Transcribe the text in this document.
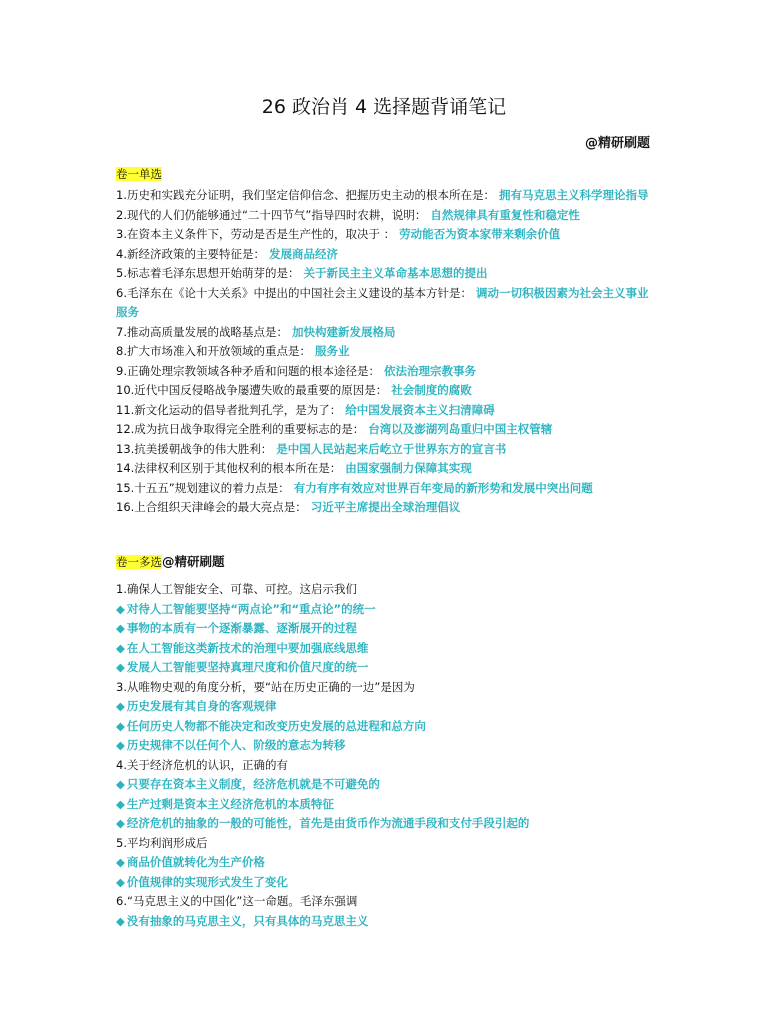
26 政治肖 4 选择题背诵笔记
@精研刷题
卷一单选
1.历史和实践充分证明，我们坚定信仰信念、把握历史主动的根本所在是： 拥有马克思主义科学理论指导
2.现代的人们仍能够通过“二十四节气”指导四时农耕，说明： 自然规律具有重复性和稳定性
3.在资本主义条件下，劳动是否是生产性的，取决于 ： 劳动能否为资本家带来剩余价值
4.新经济政策的主要特征是： 发展商品经济
5.标志着毛泽东思想开始萌芽的是： 关于新民主主义革命基本思想的提出
6.毛泽东在《论十大关系》中提出的中国社会主义建设的基本方针是： 调动一切积极因素为社会主义事业服务
7.推动高质量发展的战略基点是： 加快构建新发展格局
8.扩大市场准入和开放领域的重点是： 服务业
9.正确处理宗教领域各种矛盾和问题的根本途径是： 依法治理宗教事务
10.近代中国反侵略战争屡遭失败的最重要的原因是： 社会制度的腐败
11.新文化运动的倡导者批判孔学，是为了： 给中国发展资本主义扫清障碍
12.成为抗日战争取得完全胜利的重要标志的是： 台湾以及澎湖列岛重归中国主权管辖
13.抗美援朝战争的伟大胜利： 是中国人民站起来后屹立于世界东方的宣言书
14.法律权利区别于其他权利的根本所在是： 由国家强制力保障其实现
15.十五五”规划建议的着力点是： 有力有序有效应对世界百年变局的新形势和发展中突出问题
16.上合组织天津峰会的最大亮点是： 习近平主席提出全球治理倡议
卷一多选@精研刷题
1.确保人工智能安全、可靠、可控。这启示我们
◆ 对待人工智能要坚持“两点论”和“重点论”的统一
◆ 事物的本质有一个逐渐暴露、逐渐展开的过程
◆ 在人工智能这类新技术的治理中要加强底线思维
◆ 发展人工智能要坚持真理尺度和价值尺度的统一
3.从唯物史观的角度分析，要“站在历史正确的一边”是因为
◆ 历史发展有其自身的客观规律
◆ 任何历史人物都不能决定和改变历史发展的总进程和总方向
◆ 历史规律不以任何个人、阶级的意志为转移
4.关于经济危机的认识，正确的有
◆ 只要存在资本主义制度，经济危机就是不可避免的
◆ 生产过剩是资本主义经济危机的本质特征
◆ 经济危机的抽象的一般的可能性，首先是由货币作为流通手段和支付手段引起的
5.平均利润形成后
◆ 商品价值就转化为生产价格
◆ 价值规律的实现形式发生了变化
6.“马克思主义的中国化”这一命题。毛泽东强调
◆ 没有抽象的马克思主义，只有具体的马克思主义
